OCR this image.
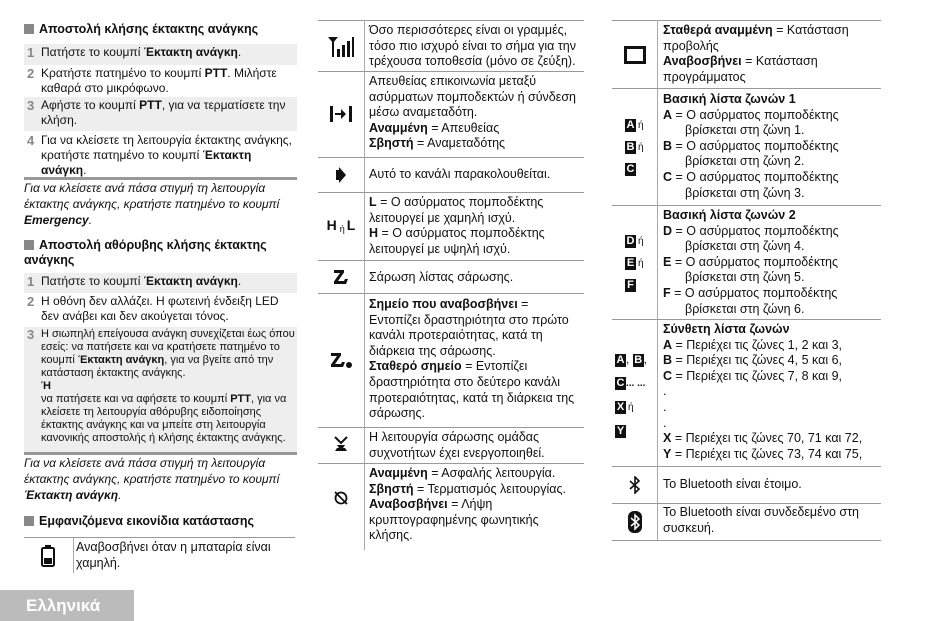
Αποστολή κλήσης έκτακτης ανάγκης
1 Πατήστε το κουμπί Έκτακτη ανάγκη.
2 Κρατήστε πατημένο το κουμπί PTT. Μιλήστε καθαρά στο μικρόφωνο.
3 Αφήστε το κουμπί PTT, για να τερματίσετε την κλήση.
4 Για να κλείσετε τη λειτουργία έκτακτης ανάγκης, κρατήστε πατημένο το κουμπί Έκτακτη ανάγκη.
Για να κλείσετε ανά πάσα στιγμή τη λειτουργία έκτακτης ανάγκης, κρατήστε πατημένο το κουμπί Emergency.
Αποστολή αθόρυβης κλήσης έκτακτης ανάγκης
1 Πατήστε το κουμπί Έκτακτη ανάγκη.
2 Η οθόνη δεν αλλάζει. Η φωτεινή ένδειξη LED δεν ανάβει και δεν ακούγεται τόνος.
3 Η σιωπηλή επείγουσα ανάγκη συνεχίζεται έως όπου εσείς: να πατήσετε και να κρατήσετε πατημένο το κουμπί Έκτακτη ανάγκη, για να βγείτε από την κατάσταση έκτακτης ανάγκης.
Ή
να πατήσετε και να αφήσετε το κουμπί PTT, για να κλείσετε τη λειτουργία αθόρυβης ειδοποίησης έκτακτης ανάγκης και να μπείτε στη λειτουργία κανονικής αποστολής ή κλήσης έκτακτης ανάγκης.
Για να κλείσετε ανά πάσα στιγμή τη λειτουργία έκτακτης ανάγκης, κρατήστε πατημένο το κουμπί Έκτακτη ανάγκη.
Εμφανιζόμενα εικονίδια κατάστασης
Αναβοσβήνει όταν η μπαταρία είναι χαμηλή.
Όσο περισσότερες είναι οι γραμμές, τόσο πιο ισχυρό είναι το σήμα για την τρέχουσα τοποθεσία (μόνο σε ζεύξη).
Απευθείας επικοινωνία μεταξύ ασύρματων πομποδεκτών ή σύνδεση μέσω αναμεταδότη.
Αναμμένη = Απευθείας
Σβηστή = Αναμεταδότης
Αυτό το κανάλι παρακολουθείται.
H ή L
L = Ο ασύρματος πομποδέκτης λειτουργεί με χαμηλή ισχύ.
H = Ο ασύρματος πομποδέκτης λειτουργεί με υψηλή ισχύ.
Σάρωση λίστας σάρωσης.
Σημείο που αναβοσβήνει = Εντοπίζει δραστηριότητα στο πρώτο κανάλι προτεραιότητας, κατά τη διάρκεια της σάρωσης.
Σταθερό σημείο = Εντοπίζει δραστηριότητα στο δεύτερο κανάλι προτεραιότητας, κατά τη διάρκεια της σάρωσης.
Η λειτουργία σάρωσης ομάδας συχνοτήτων έχει ενεργοποιηθεί.
Αναμμένη = Ασφαλής λειτουργία.
Σβηστή = Τερματισμός λειτουργίας.
Αναβοσβήνει = Λήψη κρυπτογραφημένης φωνητικής κλήσης.
Σταθερά αναμμένη = Κατάσταση προβολής
Αναβοσβήνει = Κατάσταση προγράμματος
A ή
B ή
C
Βασική λίστα ζωνών 1
A = Ο ασύρματος πομποδέκτης βρίσκεται στη ζώνη 1.
B = Ο ασύρματος πομποδέκτης βρίσκεται στη ζώνη 2.
C = Ο ασύρματος πομποδέκτης βρίσκεται στη ζώνη 3.
D ή
E ή
F
Βασική λίστα ζωνών 2
D = Ο ασύρματος πομποδέκτης βρίσκεται στη ζώνη 4.
E = Ο ασύρματος πομποδέκτης βρίσκεται στη ζώνη 5.
F = Ο ασύρματος πομποδέκτης βρίσκεται στη ζώνη 6.
A , B ,
C ... ...
X ή
Y
Σύνθετη λίστα ζωνών
A = Περιέχει τις ζώνες 1, 2 και 3,
B = Περιέχει τις ζώνες 4, 5 και 6,
C = Περιέχει τις ζώνες 7, 8 και 9,
.
.
.
X = Περιέχει τις ζώνες 70, 71 και 72,
Y = Περιέχει τις ζώνες 73, 74 και 75,
Το Bluetooth είναι έτοιμο.
Το Bluetooth είναι συνδεδεμένο στη συσκευή.
Ελληνικά
